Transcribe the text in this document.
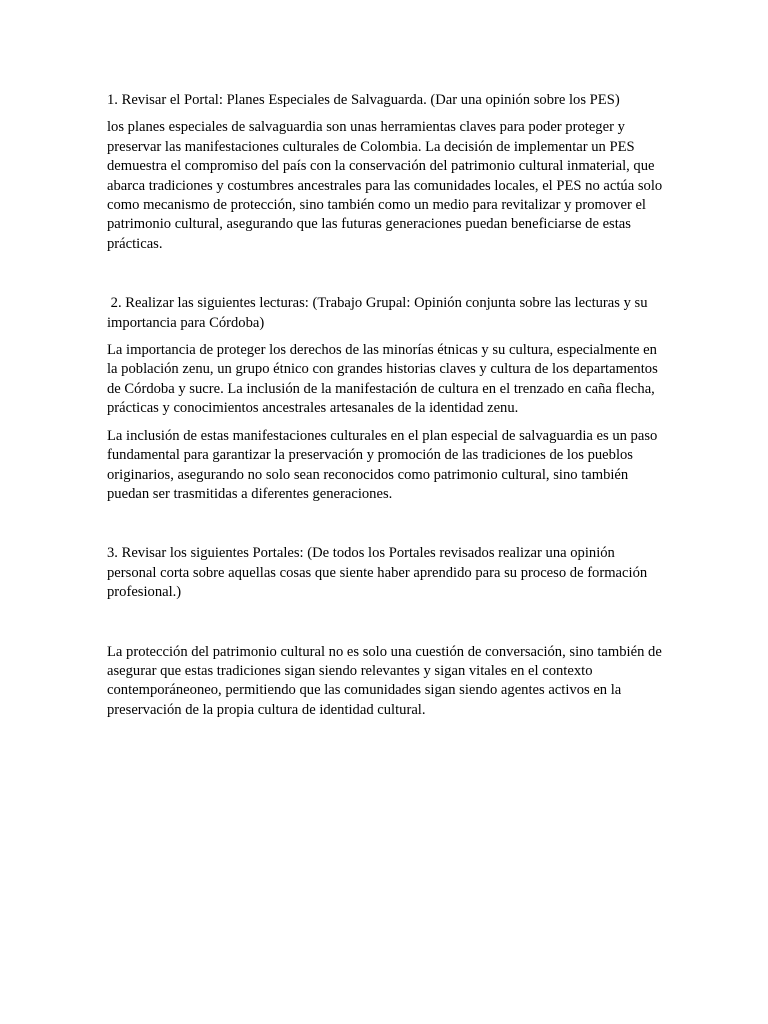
1. Revisar el Portal: Planes Especiales de Salvaguarda. (Dar una opinión sobre los PES)

los planes especiales de salvaguardia son unas herramientas claves para poder proteger y preservar las manifestaciones culturales de Colombia. La decisión de implementar un PES demuestra el compromiso del país con la conservación del patrimonio cultural inmaterial, que abarca tradiciones y costumbres ancestrales para las comunidades locales, el PES no actúa solo como mecanismo de protección, sino también como un medio para revitalizar y promover el patrimonio cultural, asegurando que las futuras generaciones puedan beneficiarse de estas prácticas.

2. Realizar las siguientes lecturas: (Trabajo Grupal: Opinión conjunta sobre las lecturas y su importancia para Córdoba)

La importancia de proteger los derechos de las minorías étnicas y su cultura, especialmente en la población zenu, un grupo étnico con grandes historias claves y cultura de los departamentos de Córdoba y sucre. La inclusión de la manifestación de cultura en el trenzado en caña flecha, prácticas y conocimientos ancestrales artesanales de la identidad zenu.

La inclusión de estas manifestaciones culturales en el plan especial de salvaguardia es un paso fundamental para garantizar la preservación y promoción de las tradiciones de los pueblos originarios, asegurando no solo sean reconocidos como patrimonio cultural, sino también puedan ser trasmitidas a diferentes generaciones.

3. Revisar los siguientes Portales: (De todos los Portales revisados realizar una opinión personal corta sobre aquellas cosas que siente haber aprendido para su proceso de formación profesional.)

La protección del patrimonio cultural no es solo una cuestión de conversación, sino también de asegurar que estas tradiciones sigan siendo relevantes y sigan vitales en el contexto contemporáneoneo, permitiendo que las comunidades sigan siendo agentes activos en la preservación de la propia cultura de identidad cultural.
